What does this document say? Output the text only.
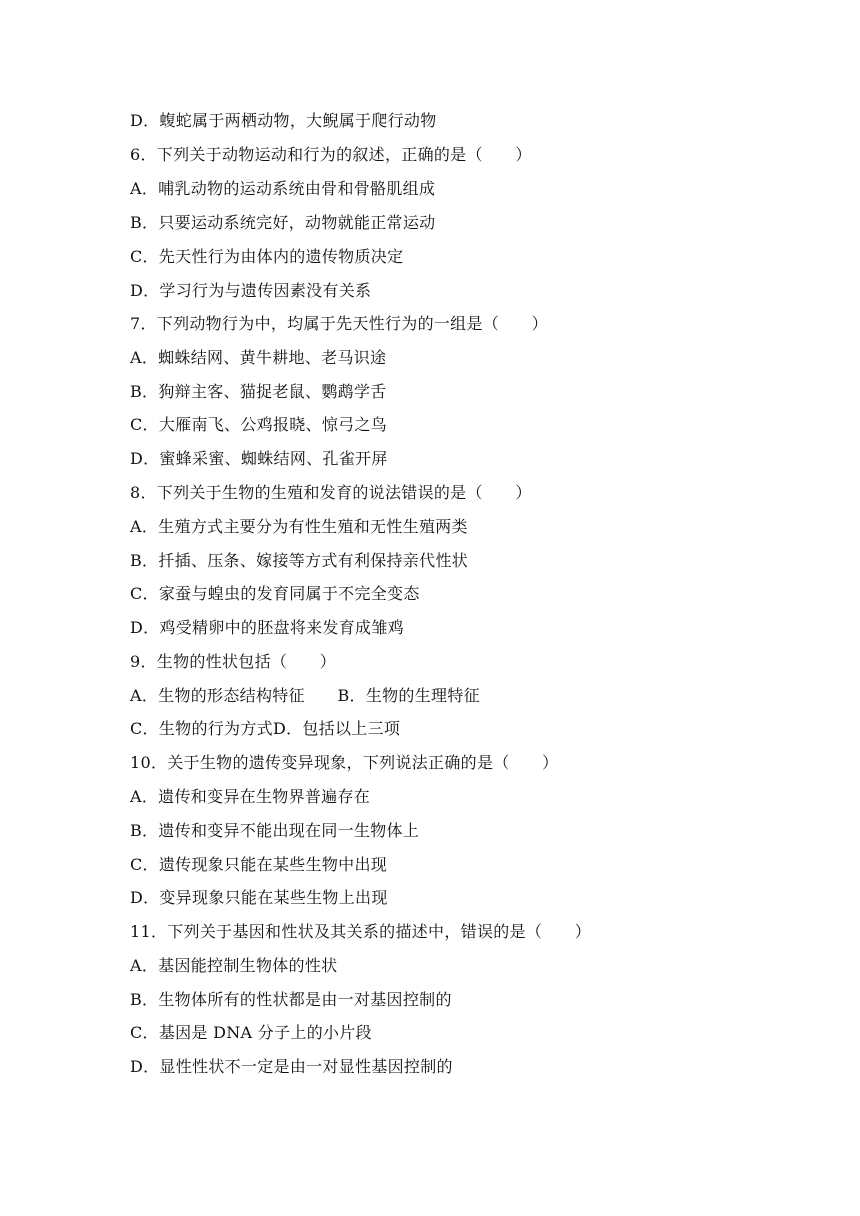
D．蝮蛇属于两栖动物，大鲵属于爬行动物
6．下列关于动物运动和行为的叙述，正确的是（　　）
A．哺乳动物的运动系统由骨和骨骼肌组成
B．只要运动系统完好，动物就能正常运动
C．先天性行为由体内的遗传物质决定
D．学习行为与遗传因素没有关系
7．下列动物行为中，均属于先天性行为的一组是（　　）
A．蜘蛛结网、黄牛耕地、老马识途
B．狗辩主客、猫捉老鼠、鹦鹉学舌
C．大雁南飞、公鸡报晓、惊弓之鸟
D．蜜蜂采蜜、蜘蛛结网、孔雀开屏
8．下列关于生物的生殖和发育的说法错误的是（　　）
A．生殖方式主要分为有性生殖和无性生殖两类
B．扦插、压条、嫁接等方式有利保持亲代性状
C．家蚕与蝗虫的发育同属于不完全变态
D．鸡受精卵中的胚盘将来发育成雏鸡
9．生物的性状包括（　　）
A．生物的形态结构特征　　B．生物的生理特征
C．生物的行为方式D．包括以上三项
10．关于生物的遗传变异现象，下列说法正确的是（　　）
A．遗传和变异在生物界普遍存在
B．遗传和变异不能出现在同一生物体上
C．遗传现象只能在某些生物中出现
D．变异现象只能在某些生物上出现
11．下列关于基因和性状及其关系的描述中，错误的是（　　）
A．基因能控制生物体的性状
B．生物体所有的性状都是由一对基因控制的
C．基因是 DNA 分子上的小片段
D．显性性状不一定是由一对显性基因控制的
